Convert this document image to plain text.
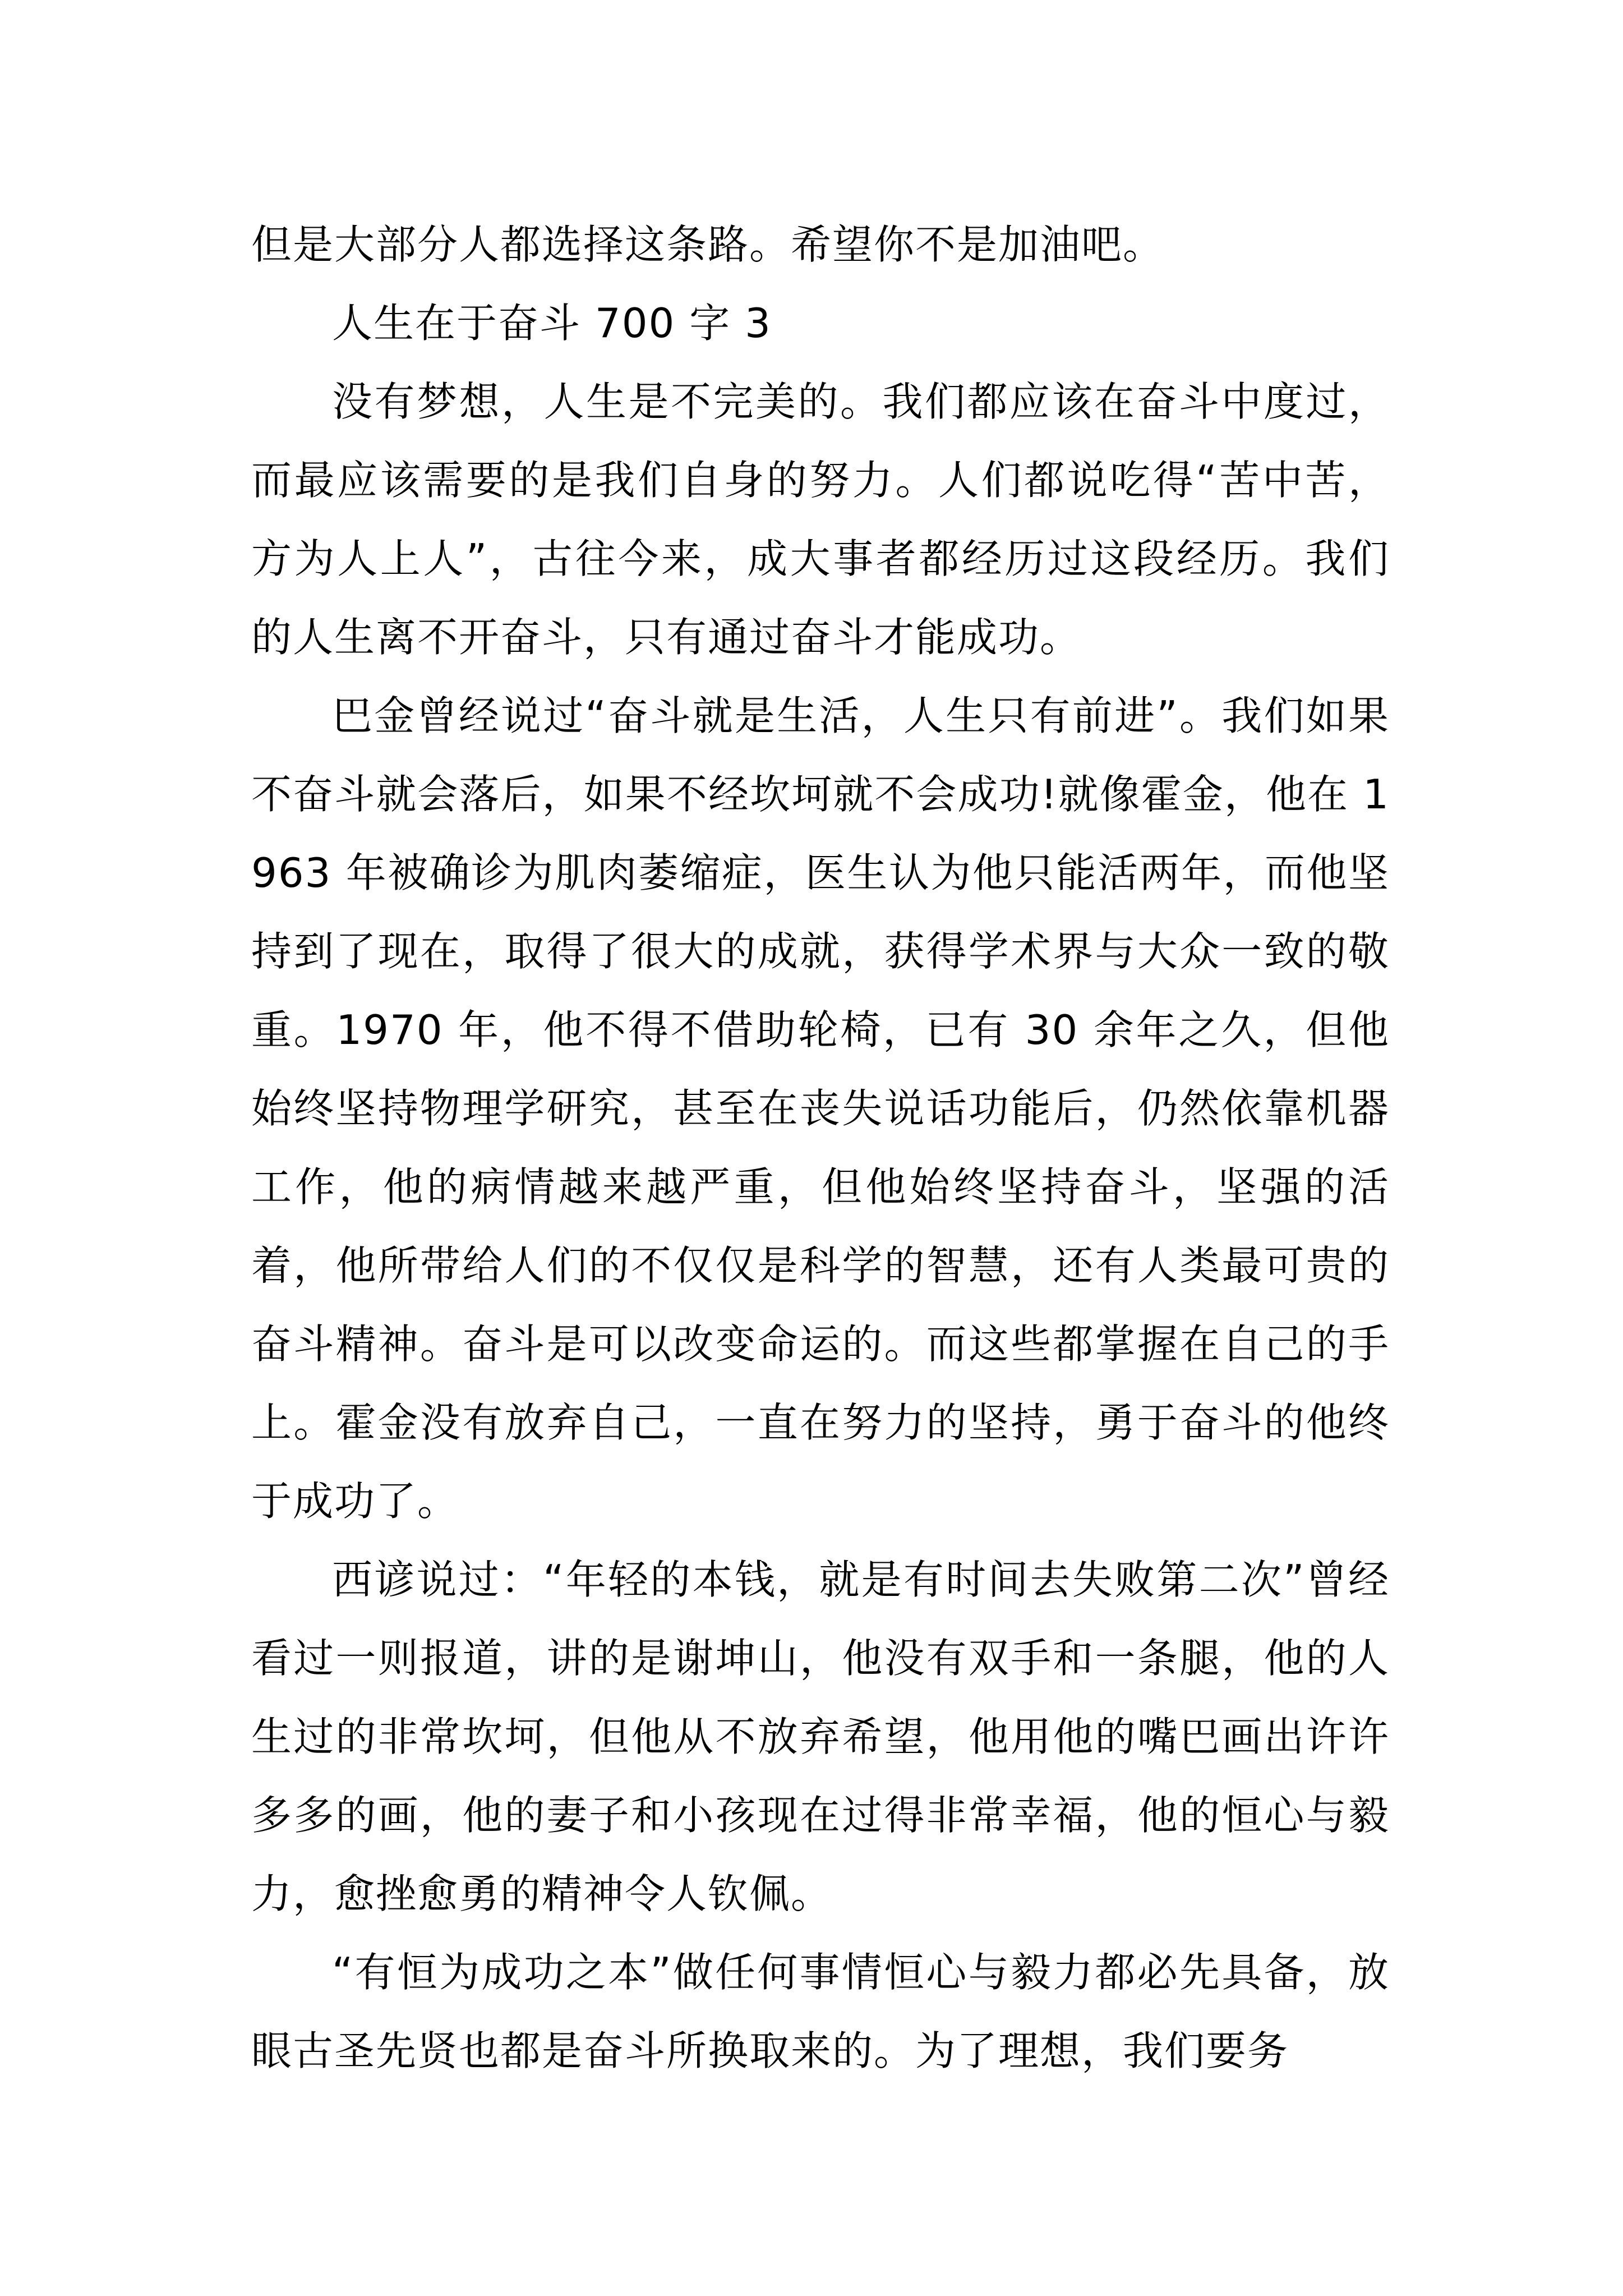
但是大部分人都选择这条路。希望你不是加油吧。

人生在于奋斗 700 字 3

没有梦想，人生是不完美的。我们都应该在奋斗中度过，而最应该需要的是我们自身的努力。人们都说吃得“苦中苦，方为人上人”，古往今来，成大事者都经历过这段经历。我们的人生离不开奋斗，只有通过奋斗才能成功。

巴金曾经说过“奋斗就是生活，人生只有前进”。我们如果不奋斗就会落后，如果不经坎坷就不会成功!就像霍金，他在 1963 年被确诊为肌肉萎缩症，医生认为他只能活两年，而他坚持到了现在，取得了很大的成就，获得学术界与大众一致的敬重。1970 年，他不得不借助轮椅，已有 30 余年之久，但他始终坚持物理学研究，甚至在丧失说话功能后，仍然依靠机器工作，他的病情越来越严重，但他始终坚持奋斗，坚强的活着，他所带给人们的不仅仅是科学的智慧，还有人类最可贵的奋斗精神。奋斗是可以改变命运的。而这些都掌握在自己的手上。霍金没有放弃自己，一直在努力的坚持，勇于奋斗的他终于成功了。

西谚说过：“年轻的本钱，就是有时间去失败第二次”曾经看过一则报道，讲的是谢坤山，他没有双手和一条腿，他的人生过的非常坎坷，但他从不放弃希望，他用他的嘴巴画出许许多多的画，他的妻子和小孩现在过得非常幸福，他的恒心与毅力，愈挫愈勇的精神令人钦佩。

“有恒为成功之本”做任何事情恒心与毅力都必先具备，放眼古圣先贤也都是奋斗所换取来的。为了理想，我们要务
